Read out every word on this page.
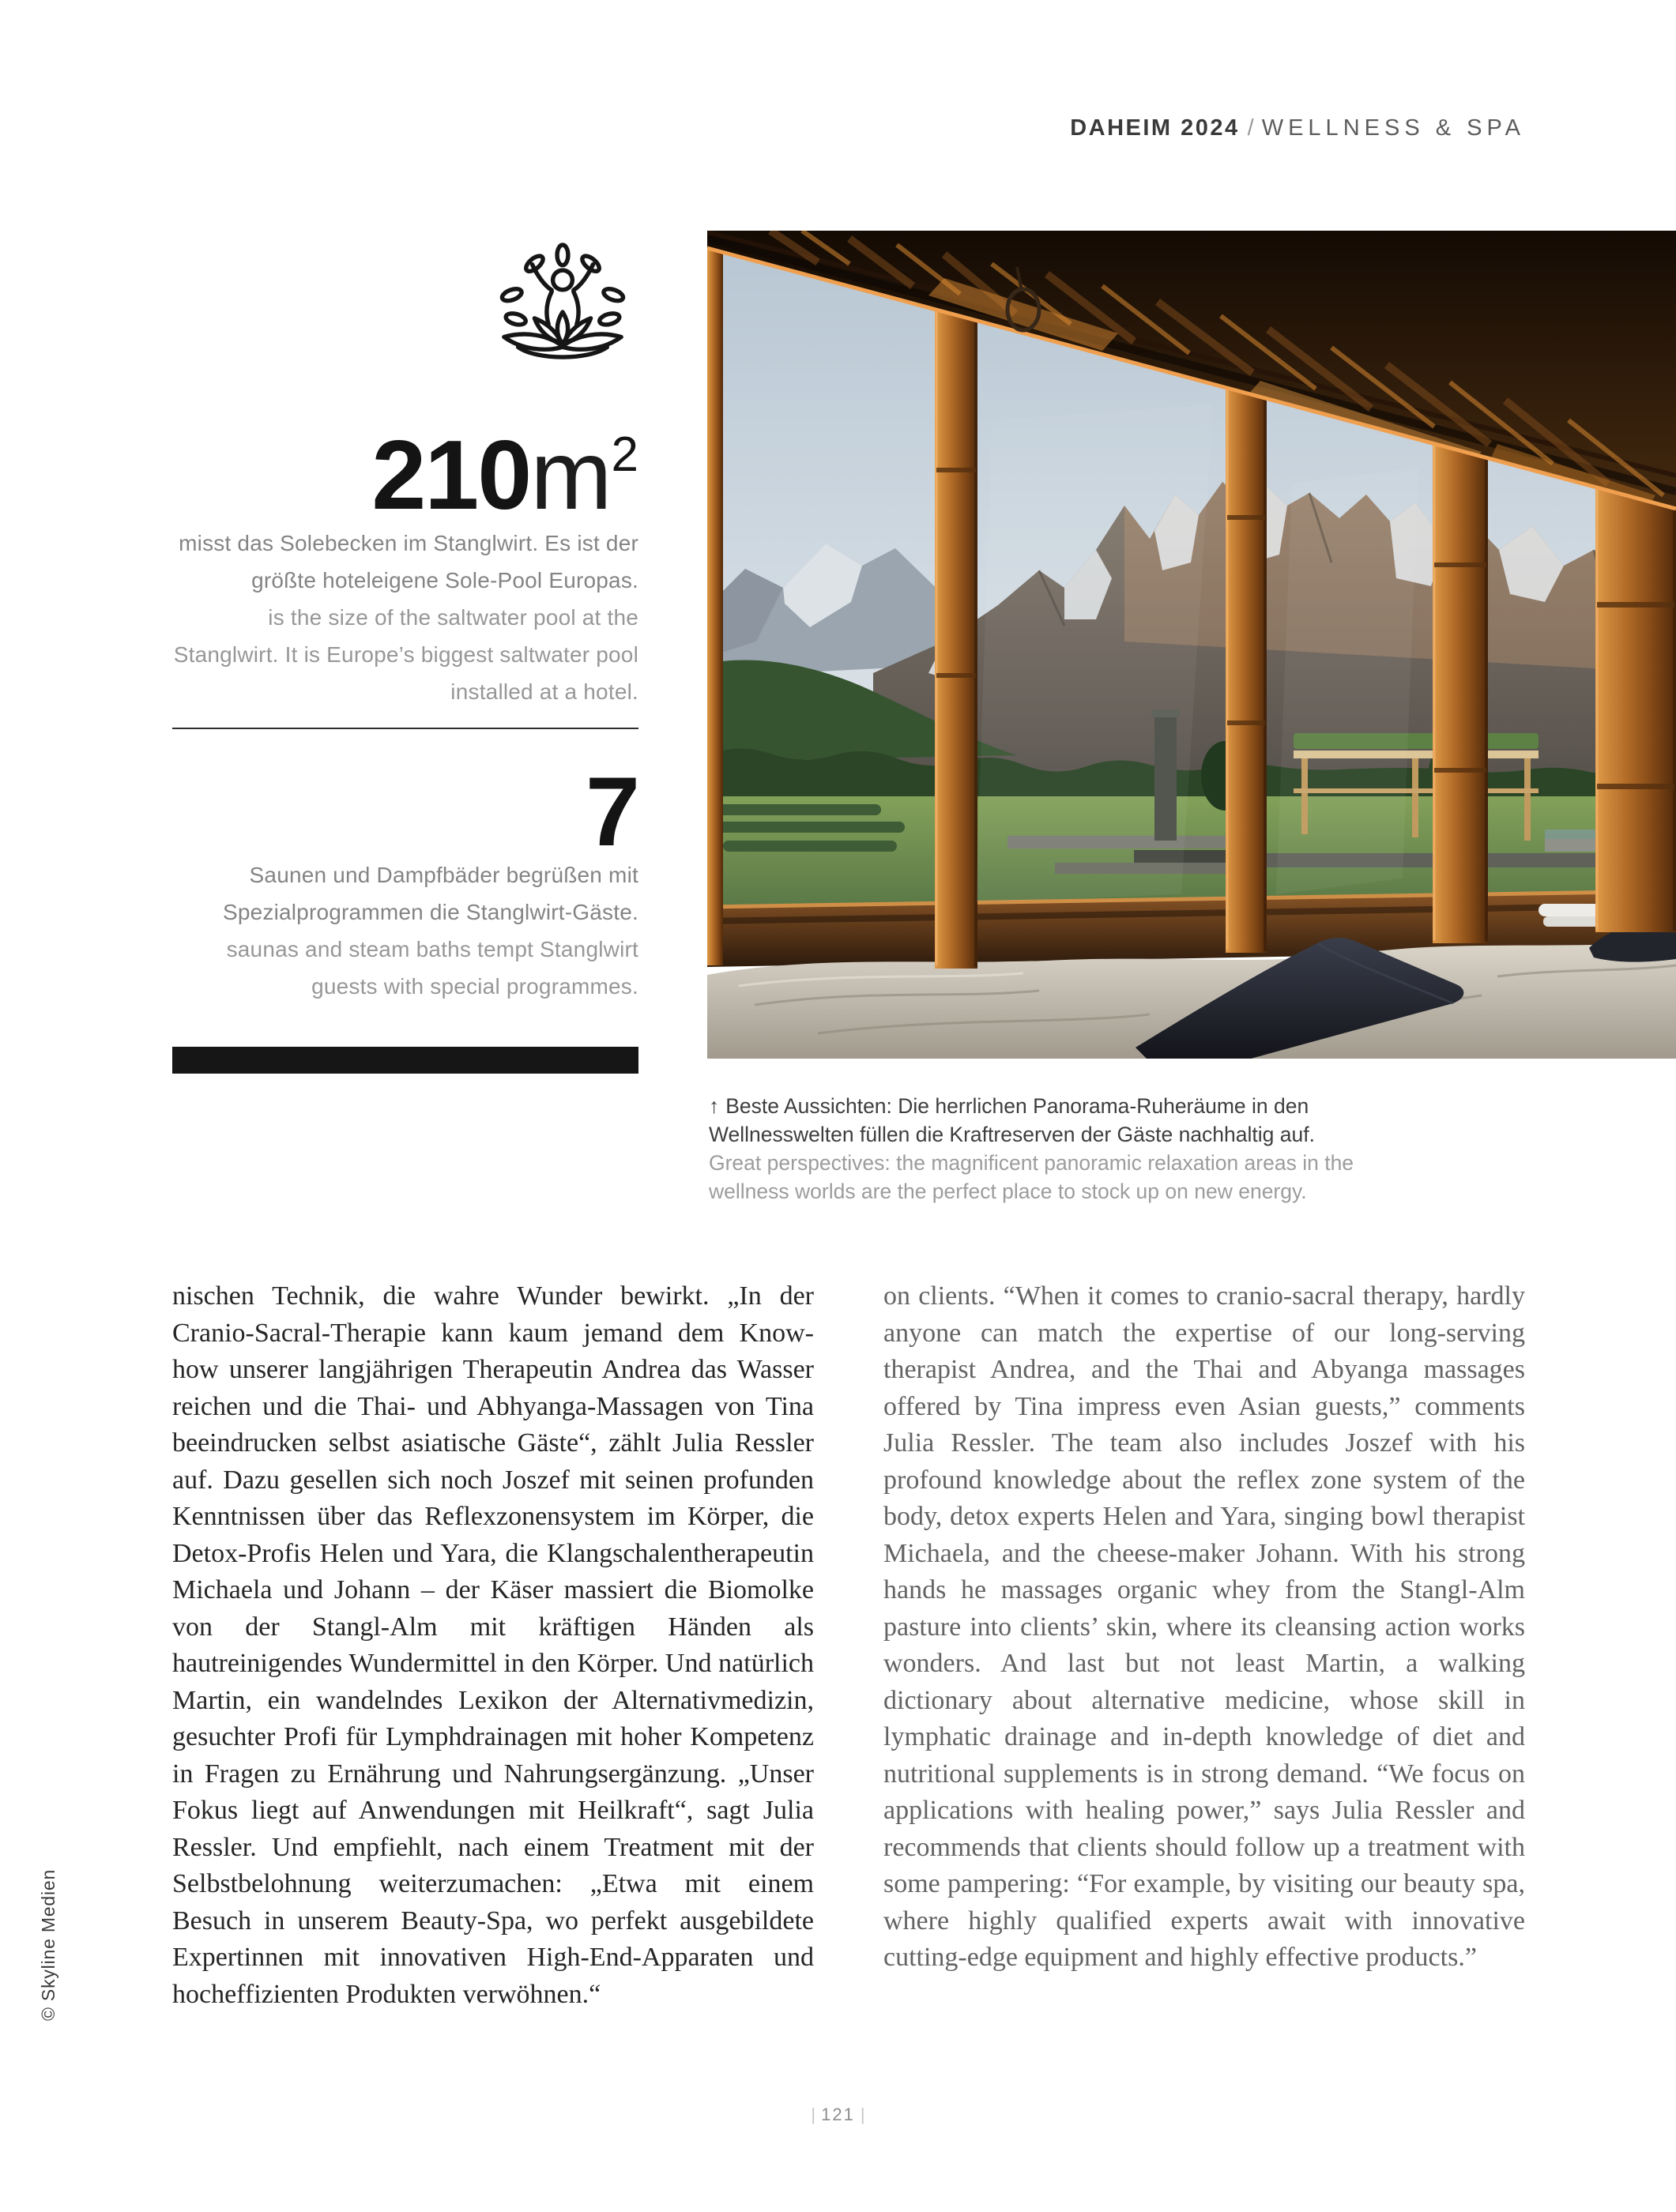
DAHEIM 2024 / WELLNESS & SPA
$210m^2$

misst das Solebecken im Stanglwirt. Es ist der größte hoteleigene Sole-Pool Europas.

is the size of the saltwater pool at the Stanglwirt. It is Europe’s biggest saltwater pool installed at a hotel.

7

Saunen und Dampfbäder begrüßen mit Spezialprogrammen die Stanglwirt-Gäste.

saunas and steam baths tempt Stanglwirt guests with special programmes.

↑ Beste Aussichten: Die herrlichen Panorama-Ruheräume in den Wellnesswelten füllen die Kraftreserven der Gäste nachhaltig auf.

Great perspectives: the magnificent panoramic relaxation areas in the wellness worlds are the perfect place to stock up on new energy.

nischen Technik, die wahre Wunder bewirkt. „In der Cranio-Sacral-Therapie kann kaum jemand dem Know-how unserer langjährigen Therapeutin Andrea das Wasser reichen und die Thai- und Abhyanga-Massagen von Tina beeindrucken selbst asiatische Gäste“, zählt Julia Ressler auf. Dazu gesellen sich noch Joszef mit seinen profunden Kenntnissen über das Reflexzonensystem im Körper, die Detox-Profis Helen und Yara, die Klangschalentherapeutin Michaela und Johann – der Käser massiert die Biomolke von der Stangl-Alm mit kräftigen Händen als hautreinigendes Wundermittel in den Körper. Und natürlich Martin, ein wandelndes Lexikon der Alternativmedizin, gesuchter Profi für Lymphdrainagen mit hoher Kompetenz in Fragen zu Ernährung und Nahrungsergänzung. „Unser Fokus liegt auf Anwendungen mit Heilkraft“, sagt Julia Ressler. Und empfiehlt, nach einem Treatment mit der Selbstbelohnung weiterzumachen: „Etwa mit einem Besuch in unserem Beauty-Spa, wo perfekt ausgebildete Expertinnen mit innovativen High-End-Apparaten und hocheffizienten Produkten verwöhnen.“

on clients. “When it comes to cranio-sacral therapy, hardly anyone can match the expertise of our long-serving therapist Andrea, and the Thai and Abyanga massages offered by Tina impress even Asian guests,” comments Julia Ressler. The team also includes Joszef with his profound knowledge about the reflex zone system of the body, detox experts Helen and Yara, singing bowl therapist Michaela, and the cheese-maker Johann. With his strong hands he massages organic whey from the Stangl-Alm pasture into clients’ skin, where its cleansing action works wonders. And last but not least Martin, a walking dictionary about alternative medicine, whose skill in lymphatic drainage and in-depth knowledge of diet and nutritional supplements is in strong demand. “We focus on applications with healing power,” says Julia Ressler and recommends that clients should follow up a treatment with some pampering: “For example, by visiting our beauty spa, where highly qualified experts await with innovative cutting-edge equipment and highly effective products.”

© Skyline Medien
| 121 |
